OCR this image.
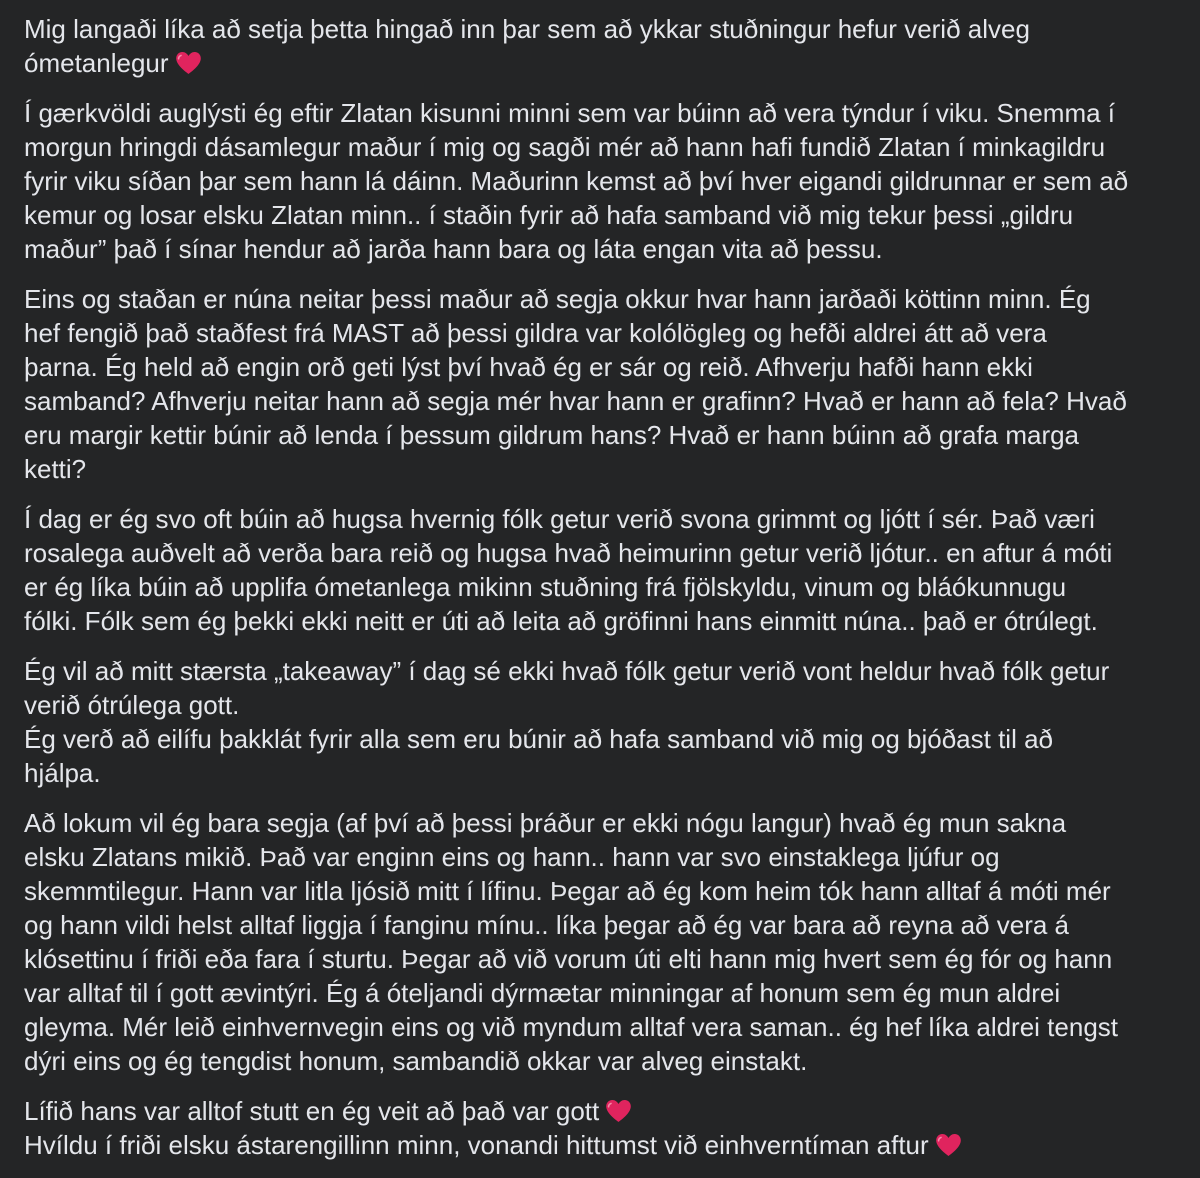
Mig langaði líka að setja þetta hingað inn þar sem að ykkar stuðningur hefur verið alveg
ómetanlegur

Í gærkvöldi auglýsti ég eftir Zlatan kisunni minni sem var búinn að vera týndur í viku. Snemma í
morgun hringdi dásamlegur maður í mig og sagði mér að hann hafi fundið Zlatan í minkagildru
fyrir viku síðan þar sem hann lá dáinn. Maðurinn kemst að því hver eigandi gildrunnar er sem að
kemur og losar elsku Zlatan minn.. í staðin fyrir að hafa samband við mig tekur þessi „gildru
maður” það í sínar hendur að jarða hann bara og láta engan vita að þessu.

Eins og staðan er núna neitar þessi maður að segja okkur hvar hann jarðaði köttinn minn. Ég
hef fengið það staðfest frá MAST að þessi gildra var kolólögleg og hefði aldrei átt að vera
þarna. Ég held að engin orð geti lýst því hvað ég er sár og reið. Afhverju hafði hann ekki
samband? Afhverju neitar hann að segja mér hvar hann er grafinn? Hvað er hann að fela? Hvað
eru margir kettir búnir að lenda í þessum gildrum hans? Hvað er hann búinn að grafa marga
ketti?

Í dag er ég svo oft búin að hugsa hvernig fólk getur verið svona grimmt og ljótt í sér. Það væri
rosalega auðvelt að verða bara reið og hugsa hvað heimurinn getur verið ljótur.. en aftur á móti
er ég líka búin að upplifa ómetanlega mikinn stuðning frá fjölskyldu, vinum og bláókunnugu
fólki. Fólk sem ég þekki ekki neitt er úti að leita að gröfinni hans einmitt núna.. það er ótrúlegt.

Ég vil að mitt stærsta „takeaway” í dag sé ekki hvað fólk getur verið vont heldur hvað fólk getur
verið ótrúlega gott.
Ég verð að eilífu þakklát fyrir alla sem eru búnir að hafa samband við mig og bjóðast til að
hjálpa.

Að lokum vil ég bara segja (af því að þessi þráður er ekki nógu langur) hvað ég mun sakna
elsku Zlatans mikið. Það var enginn eins og hann.. hann var svo einstaklega ljúfur og
skemmtilegur. Hann var litla ljósið mitt í lífinu. Þegar að ég kom heim tók hann alltaf á móti mér
og hann vildi helst alltaf liggja í fanginu mínu.. líka þegar að ég var bara að reyna að vera á
klósettinu í friði eða fara í sturtu. Þegar að við vorum úti elti hann mig hvert sem ég fór og hann
var alltaf til í gott ævintýri. Ég á óteljandi dýrmætar minningar af honum sem ég mun aldrei
gleyma. Mér leið einhvernvegin eins og við myndum alltaf vera saman.. ég hef líka aldrei tengst
dýri eins og ég tengdist honum, sambandið okkar var alveg einstakt.

Lífið hans var alltof stutt en ég veit að það var gott
Hvíldu í friði elsku ástarengillinn minn, vonandi hittumst við einhverntíman aftur
